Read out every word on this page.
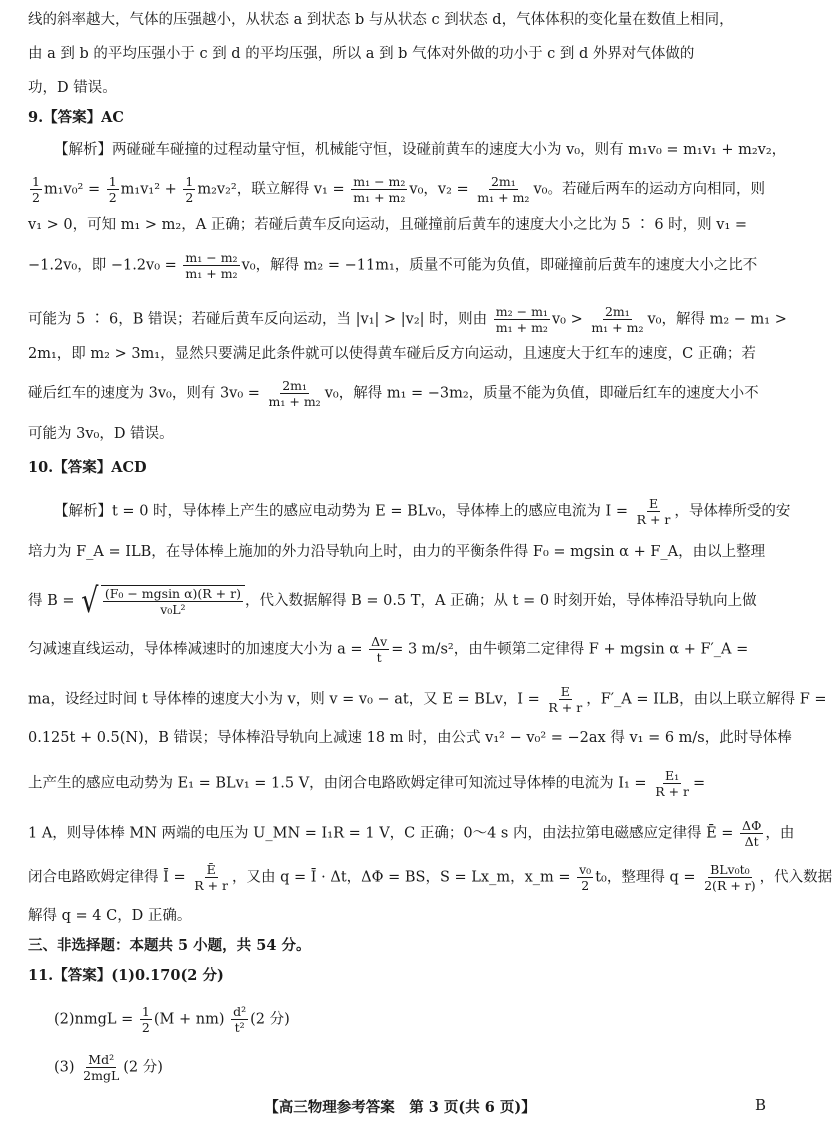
线的斜率越大，气体的压强越小，从状态 a 到状态 b 与从状态 c 到状态 d，气体体积的变化量在数值上相同，
由 a 到 b 的平均压强小于 c 到 d 的平均压强，所以 a 到 b 气体对外做的功小于 c 到 d 外界对气体做的
功，D 错误。
9.【答案】AC
【解析】两碰碰车碰撞的过程动量守恒，机械能守恒，设碰前黄车的速度大小为 v₀，则有 m₁v₀ = m₁v₁ + m₂v₂，
$\frac{1}{2} m_1v_0^2 = \frac{1}{2} m_1v_1^2 + \frac{1}{2} m_2v_2^2$，联立解得 $v_1 = \frac{\text{m₁ − m₂}}{\text{m₁ + m₂}} v_0$，$v_2 = \frac{\text{2m₁}}{\text{m₁ + m₂}} v_0$。若碰后两车的运动方向相同，则
v₁ > 0，可知 m₁ > m₂，A 正确；若碰后黄车反向运动，且碰撞前后黄车的速度大小之比为 5 ∶ 6 时，则 v₁ =
−1.2v₀，即 $-1.2v_0 = \frac{\text{m₁ − m₂}}{\text{m₁ + m₂}} v_0$，解得 m₂ = −11m₁，质量不可能为负值，即碰撞前后黄车的速度大小之比不
可能为 5 ∶ 6，B 错误；若碰后黄车反向运动，当 |v₁| > |v₂| 时，则由 $\frac{\text{m₂ − m₁}}{\text{m₁ + m₂}} v_0 > \frac{\text{2m₁}}{\text{m₁ + m₂}} v_0$，解得 m₂ − m₁ >
2m₁，即 m₂ > 3m₁，显然只要满足此条件就可以使得黄车碰后反方向运动，且速度大于红车的速度，C 正确；若
碰后红车的速度为 3v₀，则有 $3v_0 = \frac{\text{2m₁}}{\text{m₁ + m₂}} v_0$，解得 m₁ = −3m₂，质量不能为负值，即碰后红车的速度大小不
可能为 3v₀，D 错误。
10.【答案】ACD
【解析】t = 0 时，导体棒上产生的感应电动势为 E = BLv₀，导体棒上的感应电流为 $I = \frac{E}{R + r}$ ，导体棒所受的安
培力为 F_A = ILB，在导体棒上施加的外力沿导轨向上时，由力的平衡条件得 F₀ = mgsin α + F_A，由以上整理
得 B = √ $\frac{\text{(F₀ − mgsin α)(R + r)}}{\text{v₀L²}}$ ，代入数据解得 B = 0.5 T，A 正确；从 t = 0 时刻开始，导体棒沿导轨向上做
匀减速直线运动，导体棒减速时的加速度大小为 $a = \frac{\Delta v}{t} = 3$ m/s²，由牛顿第二定律得 F + mgsin α + F′_A =
ma，设经过时间 t 导体棒的速度大小为 v，则 v = v₀ − at，又 E = BLv，$I = \frac{E}{R + r}$ ，F′_A = ILB，由以上联立解得 F =
0.125t + 0.5(N)，B 错误；导体棒沿导轨向上减速 18 m 时，由公式 v₁² − v₀² = −2ax 得 v₁ = 6 m/s，此时导体棒
上产生的感应电动势为 E₁ = BLv₁ = 1.5 V，由闭合电路欧姆定律可知流过导体棒的电流为 $I_1 = \frac{\text{E₁}}{R + r}$ =
1 A，则导体棒 MN 两端的电压为 U_MN = I₁R = 1 V，C 正确；0～4 s 内，由法拉第电磁感应定律得 Ē = $\frac{\Delta\Phi}{\Delta t}$ ，由
闭合电路欧姆定律得 Ī = $\frac{Ē}{R + r}$ ，又由 q = Ī · Δt，ΔΦ = BS，S = Lx_m，x_m = $\frac{\text{v₀}}{2} t_0$，整理得 $q = \frac{\text{BLv₀t₀}}{2(R + r)}$ ，代入数据
解得 q = 4 C，D 正确。
三、非选择题：本题共 5 小题，共 54 分。
11.【答案】(1)0.170(2 分)
(2)nmgL = $\frac{1}{2} (M + nm) \frac{\text{d²}}{\text{t²}} (2$ 分)
$(3) \frac{\text{Md²}}{\text{2mgL}} (2$ 分)
【高三物理参考答案　第 3 页(共 6 页)】	B
